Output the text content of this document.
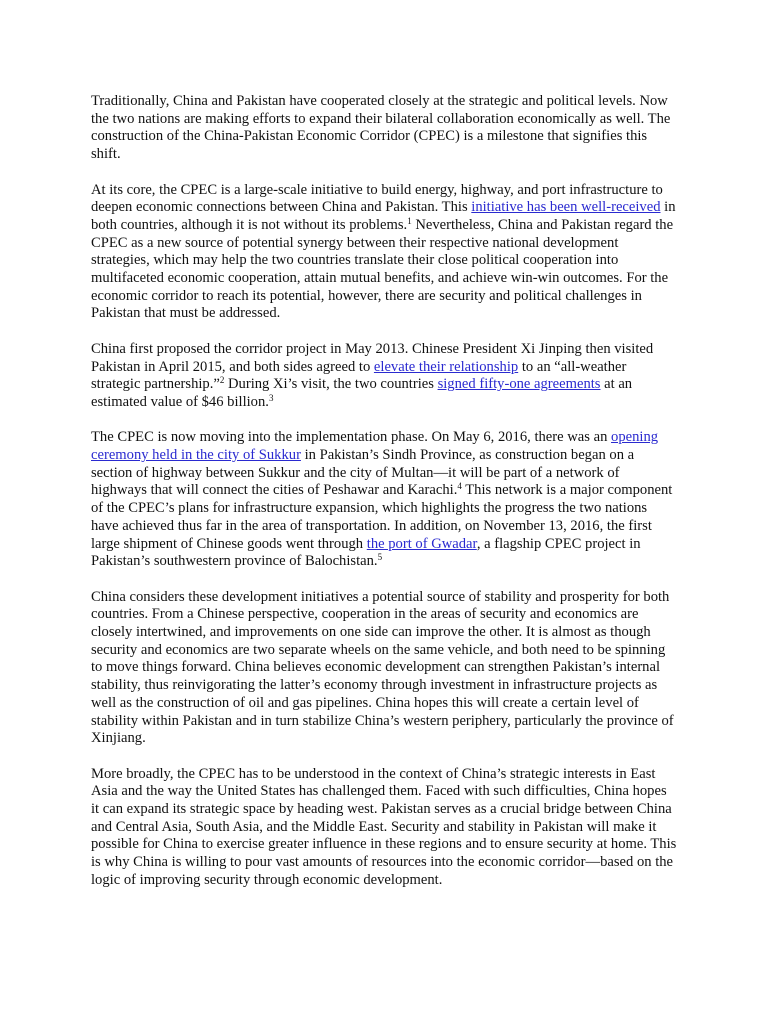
Traditionally, China and Pakistan have cooperated closely at the strategic and political levels. Now the two nations are making efforts to expand their bilateral collaboration economically as well. The construction of the China-Pakistan Economic Corridor (CPEC) is a milestone that signifies this shift.

At its core, the CPEC is a large-scale initiative to build energy, highway, and port infrastructure to deepen economic connections between China and Pakistan. This initiative has been well-received in both countries, although it is not without its problems.$^1$ Nevertheless, China and Pakistan regard the CPEC as a new source of potential synergy between their respective national development strategies, which may help the two countries translate their close political cooperation into multifaceted economic cooperation, attain mutual benefits, and achieve win-win outcomes. For the economic corridor to reach its potential, however, there are security and political challenges in Pakistan that must be addressed.

China first proposed the corridor project in May 2013. Chinese President Xi Jinping then visited Pakistan in April 2015, and both sides agreed to elevate their relationship to an “all-weather strategic partnership.”$^2$ During Xi’s visit, the two countries signed fifty-one agreements at an estimated value of $46 billion.$^3$

The CPEC is now moving into the implementation phase. On May 6, 2016, there was an opening ceremony held in the city of Sukkur in Pakistan’s Sindh Province, as construction began on a section of highway between Sukkur and the city of Multan—it will be part of a network of highways that will connect the cities of Peshawar and Karachi.$^4$ This network is a major component of the CPEC’s plans for infrastructure expansion, which highlights the progress the two nations have achieved thus far in the area of transportation. In addition, on November 13, 2016, the first large shipment of Chinese goods went through the port of Gwadar, a flagship CPEC project in Pakistan’s southwestern province of Balochistan.$^5$

China considers these development initiatives a potential source of stability and prosperity for both countries. From a Chinese perspective, cooperation in the areas of security and economics are closely intertwined, and improvements on one side can improve the other. It is almost as though security and economics are two separate wheels on the same vehicle, and both need to be spinning to move things forward. China believes economic development can strengthen Pakistan’s internal stability, thus reinvigorating the latter’s economy through investment in infrastructure projects as well as the construction of oil and gas pipelines. China hopes this will create a certain level of stability within Pakistan and in turn stabilize China’s western periphery, particularly the province of Xinjiang.

More broadly, the CPEC has to be understood in the context of China’s strategic interests in East Asia and the way the United States has challenged them. Faced with such difficulties, China hopes it can expand its strategic space by heading west. Pakistan serves as a crucial bridge between China and Central Asia, South Asia, and the Middle East. Security and stability in Pakistan will make it possible for China to exercise greater influence in these regions and to ensure security at home. This is why China is willing to pour vast amounts of resources into the economic corridor—based on the logic of improving security through economic development.
